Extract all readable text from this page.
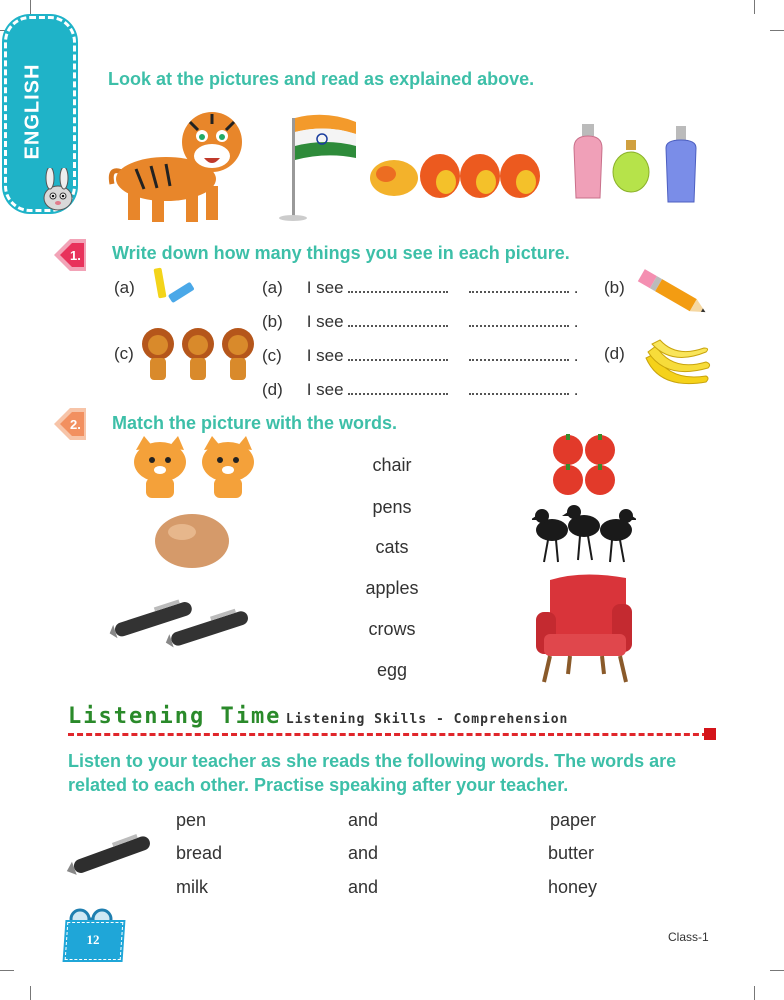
ENGLISH	Look at the pictures and read as explained above.
1. Write down how many things you see in each picture.
(a)
(c)
(a) I see	.
(b) I see	.
(c) I see	.
(d) I see	.
(b)
(d)
2. Match the picture with the words.
chair
pens
cats
apples
crows
egg
Listening Time Listening Skills - Comprehension
Listen to your teacher as she reads the following words. The words are
related to each other. Practise speaking after your teacher.
pen	and	paper
bread	and	butter
milk	and	honey
12	Class-1
